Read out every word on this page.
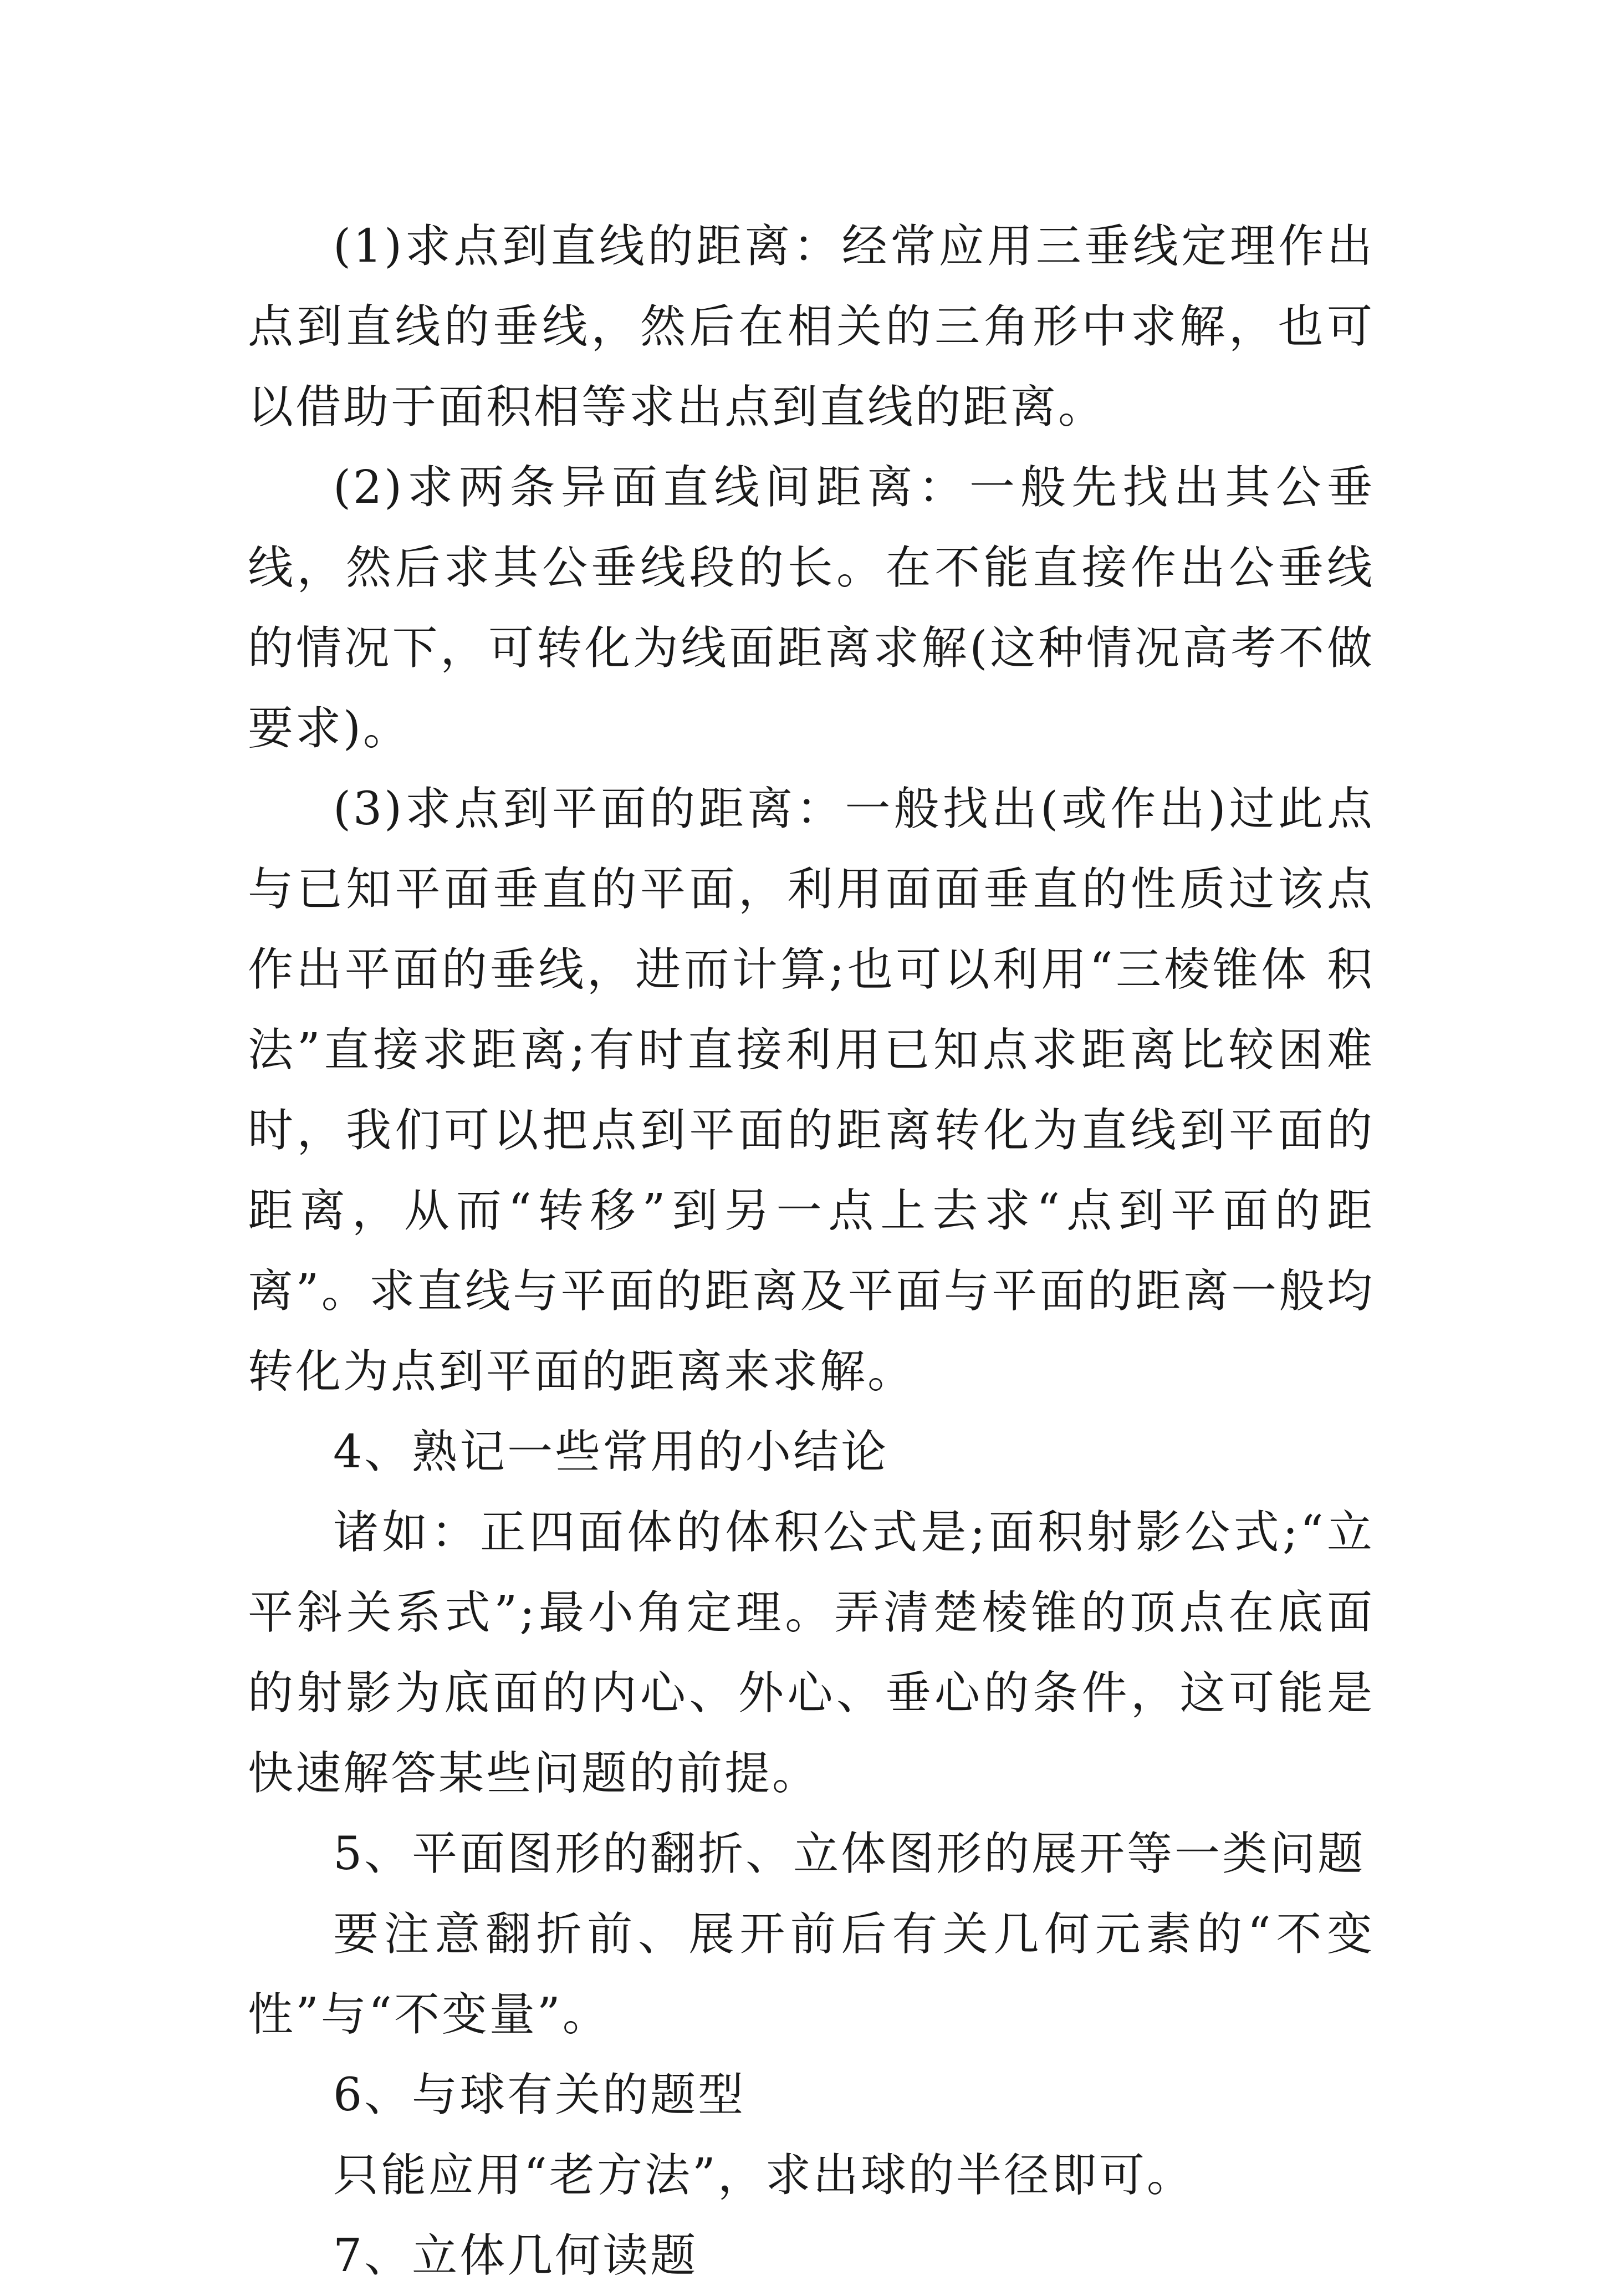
(1)求点到直线的距离：经常应用三垂线定理作出点到直线的垂线，然后在相关的三角形中求解，也可以借助于面积相等求出点到直线的距离。

(2)求两条异面直线间距离：一般先找出其公垂线，然后求其公垂线段的长。在不能直接作出公垂线的情况下，可转化为线面距离求解(这种情况高考不做要求)。

(3)求点到平面的距离：一般找出(或作出)过此点与已知平面垂直的平面，利用面面垂直的性质过该点作出平面的垂线，进而计算;也可以利用“三棱锥体 积法”直接求距离;有时直接利用已知点求距离比较困难时，我们可以把点到平面的距离转化为直线到平面的距离，从而“转移”到另一点上去求“点到平面的距 离”。求直线与平面的距离及平面与平面的距离一般均转化为点到平面的距离来求解。

4、熟记一些常用的小结论

诸如：正四面体的体积公式是;面积射影公式;“立平斜关系式”;最小角定理。弄清楚棱锥的顶点在底面的射影为底面的内心、外心、垂心的条件，这可能是快速解答某些问题的前提。

5、平面图形的翻折、立体图形的展开等一类问题

要注意翻折前、展开前后有关几何元素的“不变性”与“不变量”。

6、与球有关的题型

只能应用“老方法”，求出球的半径即可。

7、立体几何读题
